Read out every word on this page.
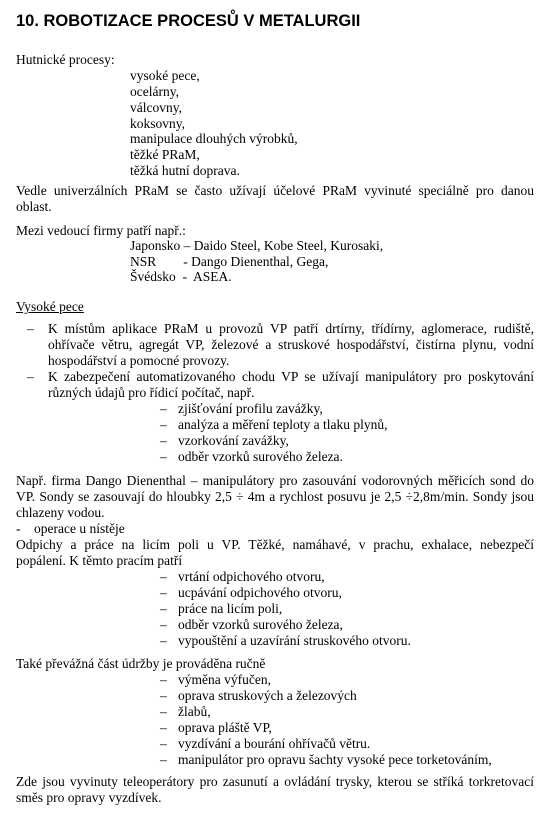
10. ROBOTIZACE PROCESŮ V METALURGII
Hutnické procesy:
vysoké pece,
ocelárny,
válcovny,
koksovny,
manipulace dlouhých výrobků,
těžké PRaM,
těžká hutní doprava.
Vedle univerzálních PRaM se často užívají účelové PRaM vyvinuté speciálně pro danou
oblast.
Mezi vedoucí firmy patří např.:
Japonsko – Daido Steel, Kobe Steel, Kurosaki,
NSR        - Dango Dienenthal, Gega,
Švédsko  -  ASEA.
Vysoké pece
– K místům aplikace PRaM u provozů VP patří drtírny, třídírny, aglomerace, rudiště,
ohřívače větru, agregát VP, železové a struskové hospodářství, čistírna plynu, vodní
hospodářství a pomocné provozy.
– K zabezpečení automatizovaného chodu VP se užívají manipulátory pro poskytování
různých údajů pro řídicí počítač, např.
– zjišťování profilu zavážky,
– analýza a měření teploty a tlaku plynů,
– vzorkování zavážky,
– odběr vzorků surového železa.
Např. firma Dango Dienenthal – manipulátory pro zasouvání vodorovných měřicích sond do
VP. Sondy se zasouvají do hloubky 2,5 ÷ 4m a rychlost posuvu je 2,5 ÷2,8m/min. Sondy jsou
chlazeny vodou.
-    operace u nístěje
Odpichy a práce na licím poli u VP. Těžké, namáhavé, v prachu, exhalace, nebezpečí
popálení. K těmto pracím patří
– vrtání odpichového otvoru,
– ucpávání odpichového otvoru,
– práce na licím poli,
– odběr vzorků surového železa,
– vypouštění a uzavírání struskového otvoru.
Také převážná část údržby je prováděna ručně
– výměna výfučen,
– oprava struskových a železových
– žlabů,
– oprava pláště VP,
– vyzdívání a bourání ohřívačů větru.
– manipulátor pro opravu šachty vysoké pece torketováním,
Zde jsou vyvinuty teleoperátory pro zasunutí a ovládání trysky, kterou se stříká torkretovací
směs pro opravy vyzdívek.
